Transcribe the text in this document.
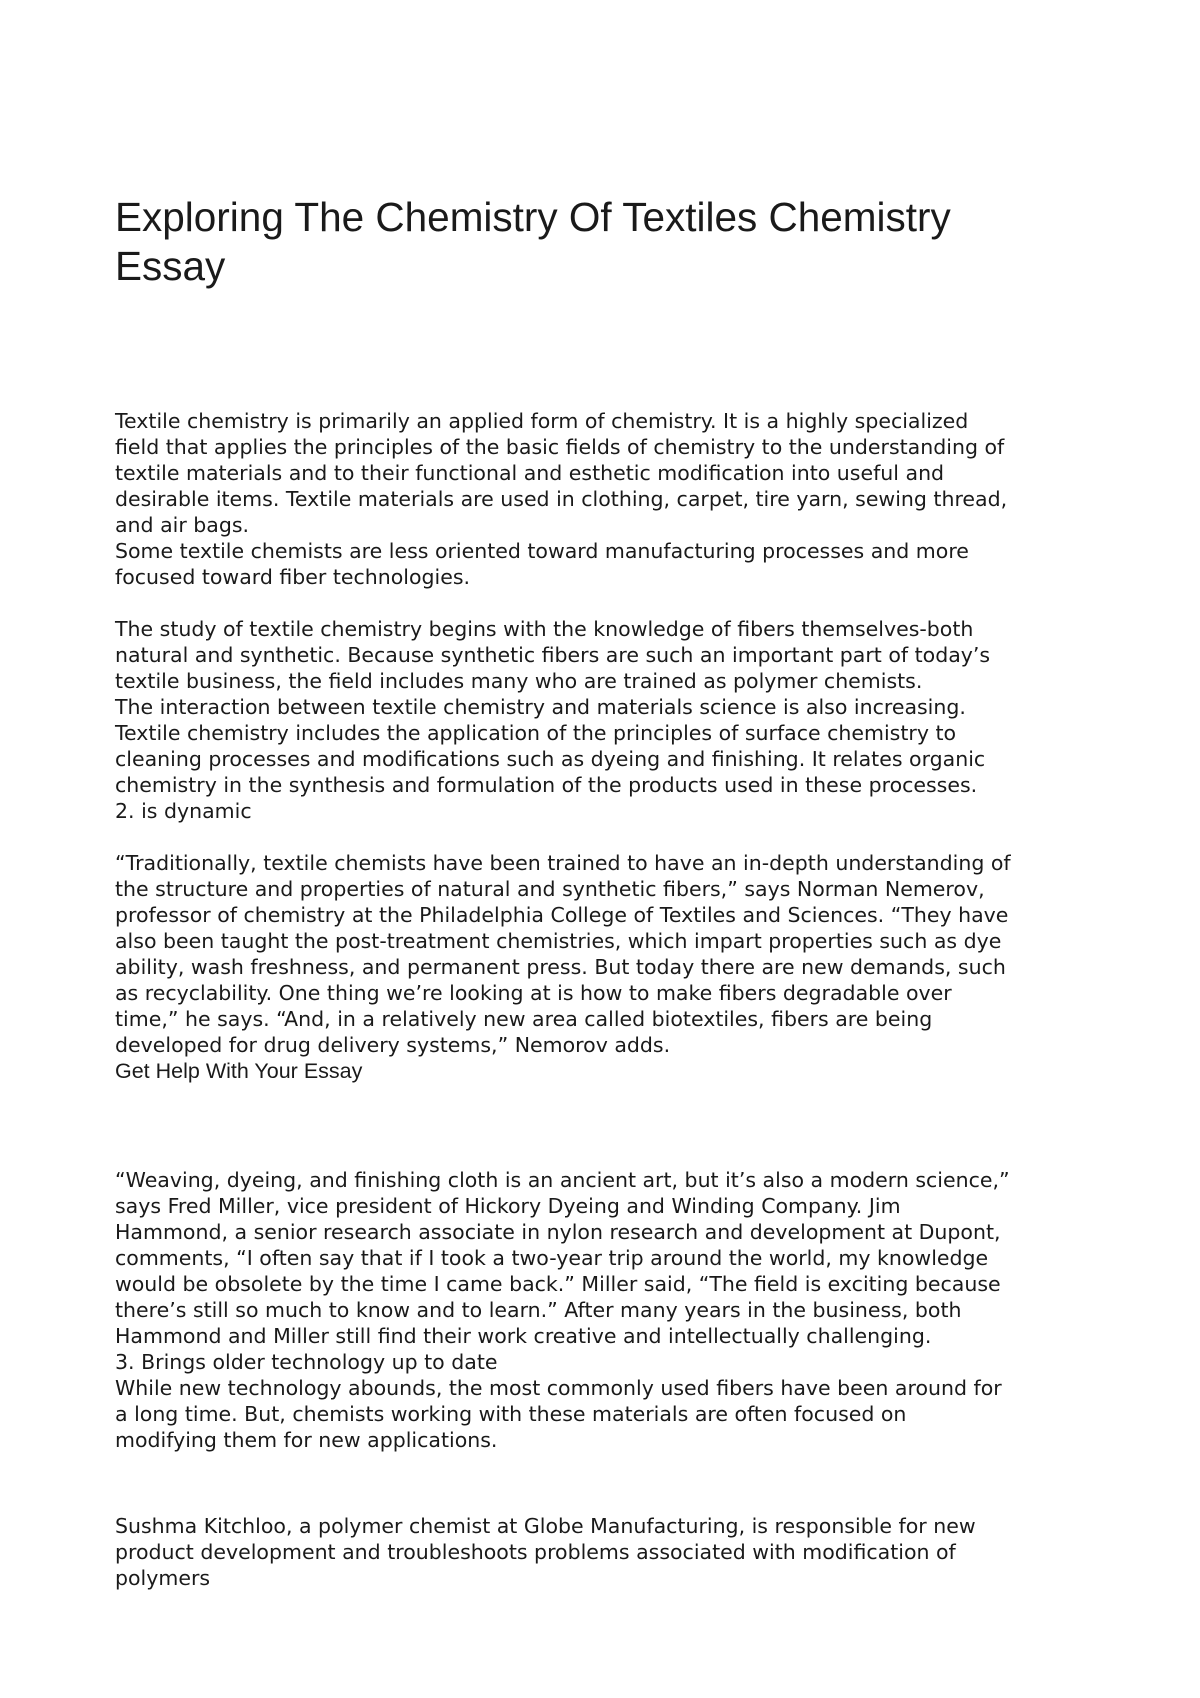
Exploring The Chemistry Of Textiles Chemistry
Essay
Textile chemistry is primarily an applied form of chemistry. It is a highly specialized
field that applies the principles of the basic fields of chemistry to the understanding of
textile materials and to their functional and esthetic modification into useful and
desirable items. Textile materials are used in clothing, carpet, tire yarn, sewing thread,
and air bags.
Some textile chemists are less oriented toward manufacturing processes and more
focused toward fiber technologies.
The study of textile chemistry begins with the knowledge of fibers themselves-both
natural and synthetic. Because synthetic fibers are such an important part of today’s
textile business, the field includes many who are trained as polymer chemists.
The interaction between textile chemistry and materials science is also increasing.
Textile chemistry includes the application of the principles of surface chemistry to
cleaning processes and modifications such as dyeing and finishing. It relates organic
chemistry in the synthesis and formulation of the products used in these processes.
2. is dynamic
“Traditionally, textile chemists have been trained to have an in-depth understanding of
the structure and properties of natural and synthetic fibers,” says Norman Nemerov,
professor of chemistry at the Philadelphia College of Textiles and Sciences. “They have
also been taught the post-treatment chemistries, which impart properties such as dye
ability, wash freshness, and permanent press. But today there are new demands, such
as recyclability. One thing we’re looking at is how to make fibers degradable over
time,” he says. “And, in a relatively new area called biotextiles, fibers are being
developed for drug delivery systems,” Nemorov adds.
Get Help With Your Essay
“Weaving, dyeing, and finishing cloth is an ancient art, but it’s also a modern science,”
says Fred Miller, vice president of Hickory Dyeing and Winding Company. Jim
Hammond, a senior research associate in nylon research and development at Dupont,
comments, “I often say that if I took a two-year trip around the world, my knowledge
would be obsolete by the time I came back.” Miller said, “The field is exciting because
there’s still so much to know and to learn.” After many years in the business, both
Hammond and Miller still find their work creative and intellectually challenging.
3. Brings older technology up to date
While new technology abounds, the most commonly used fibers have been around for
a long time. But, chemists working with these materials are often focused on
modifying them for new applications.
Sushma Kitchloo, a polymer chemist at Globe Manufacturing, is responsible for new
product development and troubleshoots problems associated with modification of
polymers
